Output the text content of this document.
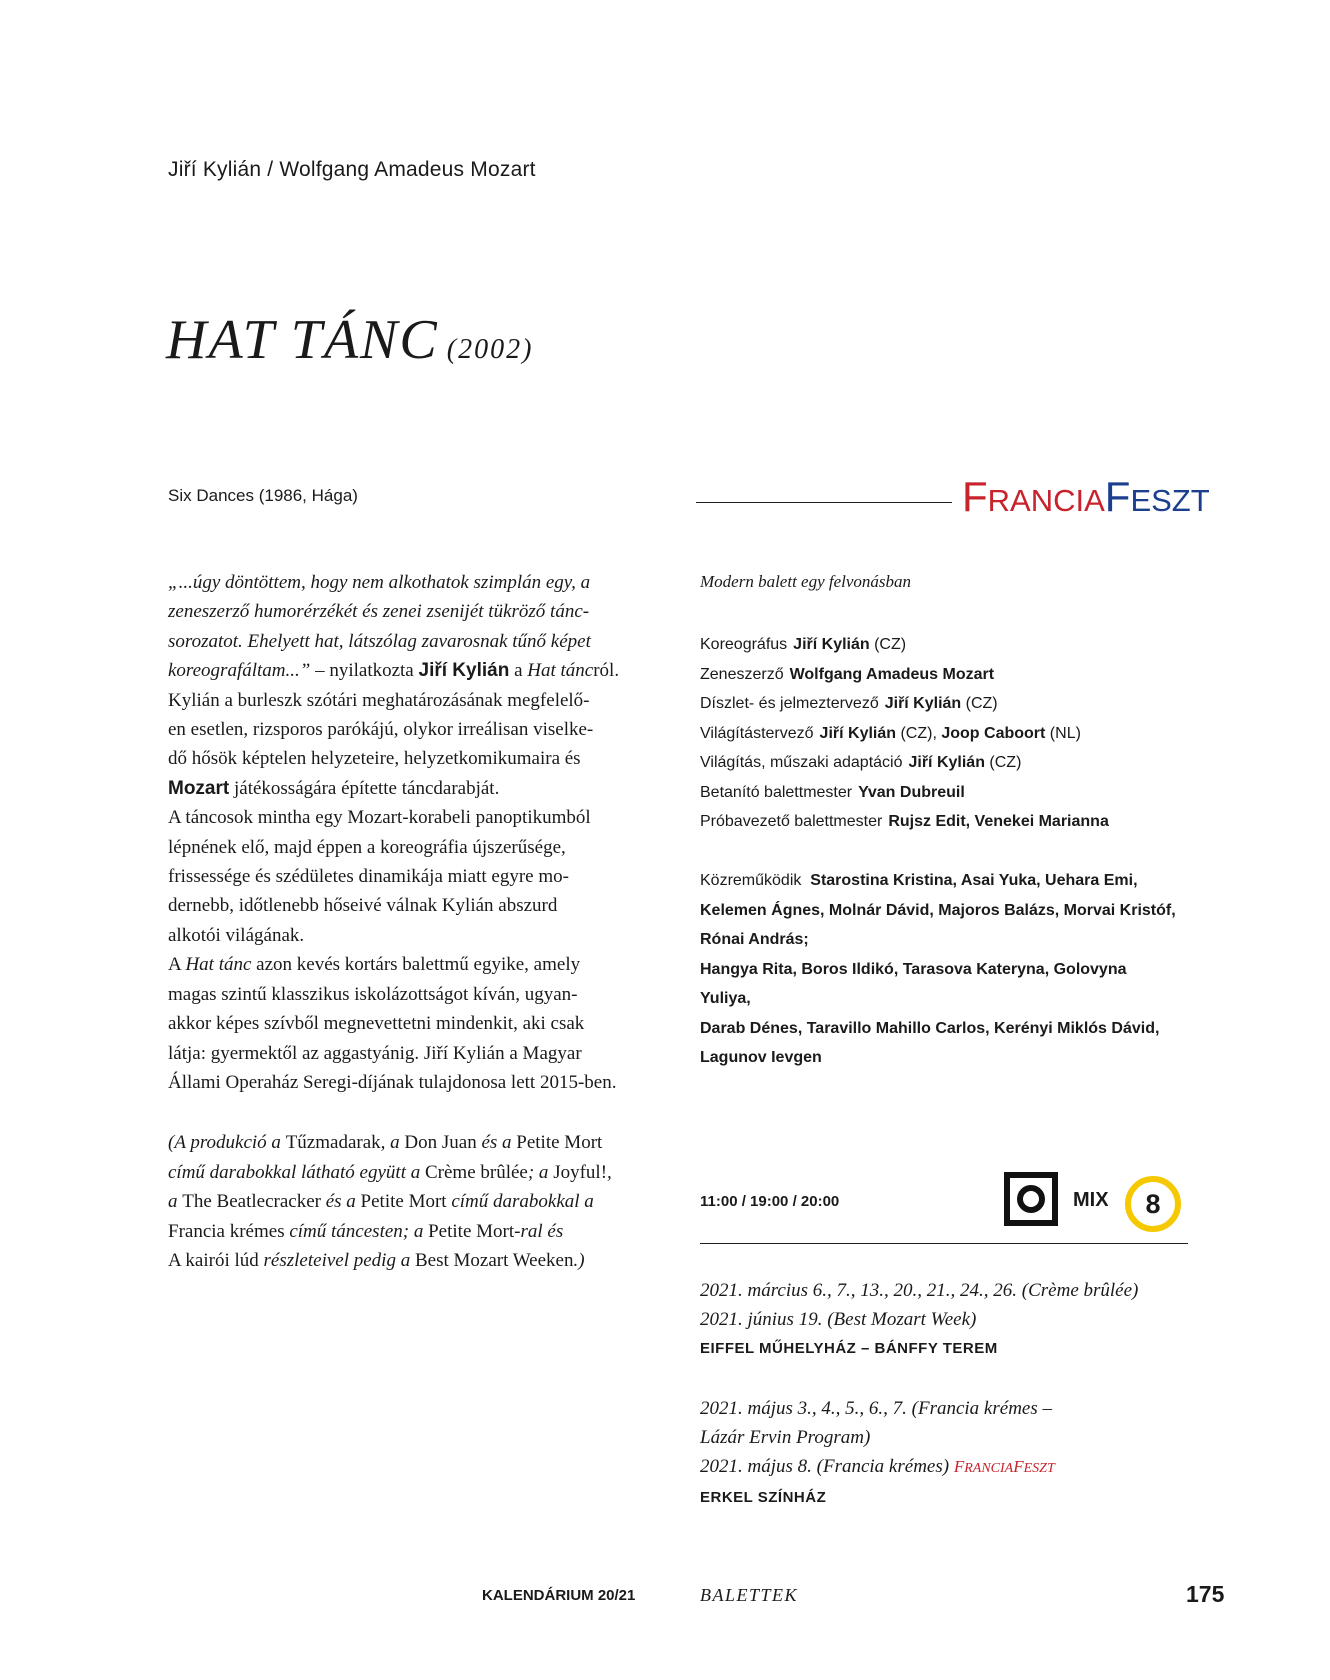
Jiří Kylián / Wolfgang Amadeus Mozart
HAT TÁNC (2002)
Six Dances (1986, Hága)	FRANCIAFESZT

„...úgy döntöttem, hogy nem alkothatok szimplán egy, a

zeneszerző humorérzékét és zenei zsenijét tükröző tánc-

sorozatot. Ehelyett hat, látszólag zavarosnak tűnő képet

koreografáltam...” – nyilatkozta Jiří Kylián a Hat táncról.

Kylián a burleszk szótári meghatározásának megfelelő-

en esetlen, rizsporos parókájú, olykor irreálisan viselke-

dő hősök képtelen helyzeteire, helyzetkomikumaira és

Mozart játékosságára építette táncdarabját.

A táncosok mintha egy Mozart-korabeli panoptikumból

lépnének elő, majd éppen a koreográfia újszerűsége,

frissessége és szédületes dinamikája miatt egyre mo-

dernebb, időtlenebb hőseivé válnak Kylián abszurd

alkotói világának.

A Hat tánc azon kevés kortárs balettmű egyike, amely

magas szintű klasszikus iskolázottságot kíván, ugyan-

akkor képes szívből megnevettetni mindenkit, aki csak

látja: gyermektől az aggastyánig. Jiří Kylián a Magyar

Állami Operaház Seregi-díjának tulajdonosa lett 2015-ben.

(A produkció a Tűzmadarak, a Don Juan és a Petite Mort
című darabokkal látható együtt a Crème brûlée; a Joyful!,
a The Beatlecracker és a Petite Mort című darabokkal a
Francia krémes című táncesten; a Petite Mort-ral és
A kairói lúd részleteivel pedig a Best Mozart Weeken.)
Modern balett egy felvonásban
Koreográfus Jiří Kylián (CZ)
Zeneszerző Wolfgang Amadeus Mozart
Díszlet- és jelmeztervező Jiří Kylián (CZ)
Világítástervező Jiří Kylián (CZ), Joop Caboort (NL)
Világítás, műszaki adaptáció Jiří Kylián (CZ)
Betanító balettmester Yvan Dubreuil
Próbavezető balettmester Rujsz Edit, Venekei Marianna
Közreműködik Starostina Kristina, Asai Yuka, Uehara Emi,
Kelemen Ágnes, Molnár Dávid, Majoros Balázs, Morvai Kristóf,
Rónai András;
Hangya Rita, Boros Ildikó, Tarasova Kateryna, Golovyna Yuliya,
Darab Dénes, Taravillo Mahillo Carlos, Kerényi Miklós Dávid,
Lagunov Ievgen
11:00 / 19:00 / 20:00	MIX	8
2021. március 6., 7., 13., 20., 21., 24., 26. (Crème brûlée)
2021. június 19. (Best Mozart Week)
EIFFEL MŰHELYHÁZ – BÁNFFY TEREM
2021. május 3., 4., 5., 6., 7. (Francia krémes –
Lázár Ervin Program)
2021. május 8. (Francia krémes) FRANCIAFESZT
ERKEL SZÍNHÁZ
KALENDÁRIUM 20/21	BALETTEK	175
